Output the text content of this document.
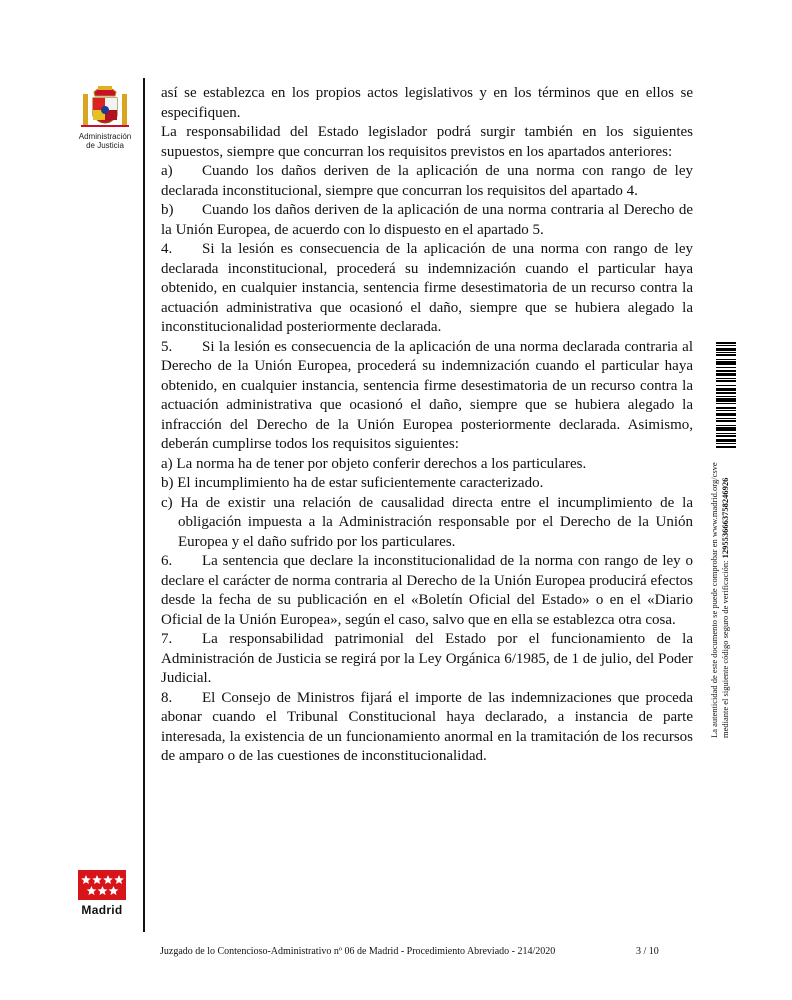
Administración
de Justicia
Madrid

así se establezca en los propios actos legislativos y en los términos que en ellos se especifiquen.

La responsabilidad del Estado legislador podrá surgir también en los siguientes supuestos, siempre que concurran los requisitos previstos en los apartados anteriores:

a) Cuando los daños deriven de la aplicación de una norma con rango de ley declarada inconstitucional, siempre que concurran los requisitos del apartado 4.

b) Cuando los daños deriven de la aplicación de una norma contraria al Derecho de la Unión Europea, de acuerdo con lo dispuesto en el apartado 5.

4. Si la lesión es consecuencia de la aplicación de una norma con rango de ley declarada inconstitucional, procederá su indemnización cuando el particular haya obtenido, en cualquier instancia, sentencia firme desestimatoria de un recurso contra la actuación administrativa que ocasionó el daño, siempre que se hubiera alegado la inconstitucionalidad posteriormente declarada.

5. Si la lesión es consecuencia de la aplicación de una norma declarada contraria al Derecho de la Unión Europea, procederá su indemnización cuando el particular haya obtenido, en cualquier instancia, sentencia firme desestimatoria de un recurso contra la actuación administrativa que ocasionó el daño, siempre que se hubiera alegado la infracción del Derecho de la Unión Europea posteriormente declarada. Asimismo, deberán cumplirse todos los requisitos siguientes:

a) La norma ha de tener por objeto conferir derechos a los particulares.

b) El incumplimiento ha de estar suficientemente caracterizado.

c) Ha de existir una relación de causalidad directa entre el incumplimiento de la obligación impuesta a la Administración responsable por el Derecho de la Unión Europea y el daño sufrido por los particulares.

6. La sentencia que declare la inconstitucionalidad de la norma con rango de ley o declare el carácter de norma contraria al Derecho de la Unión Europea producirá efectos desde la fecha de su publicación en el «Boletín Oficial del Estado» o en el «Diario Oficial de la Unión Europea», según el caso, salvo que en ella se establezca otra cosa.

7. La responsabilidad patrimonial del Estado por el funcionamiento de la Administración de Justicia se regirá por la Ley Orgánica 6/1985, de 1 de julio, del Poder Judicial.

8. El Consejo de Ministros fijará el importe de las indemnizaciones que proceda abonar cuando el Tribunal Constitucional haya declarado, a instancia de parte interesada, la existencia de un funcionamiento anormal en la tramitación de los recursos de amparo o de las cuestiones de inconstitucionalidad.

La autenticidad de este documento se puede comprobar en www.madrid.org/csve mediante el siguiente código seguro de verificación: 1295536663758246926
Juzgado de lo Contencioso-Administrativo nº 06 de Madrid - Procedimiento Abreviado - 214/2020	3 / 10
